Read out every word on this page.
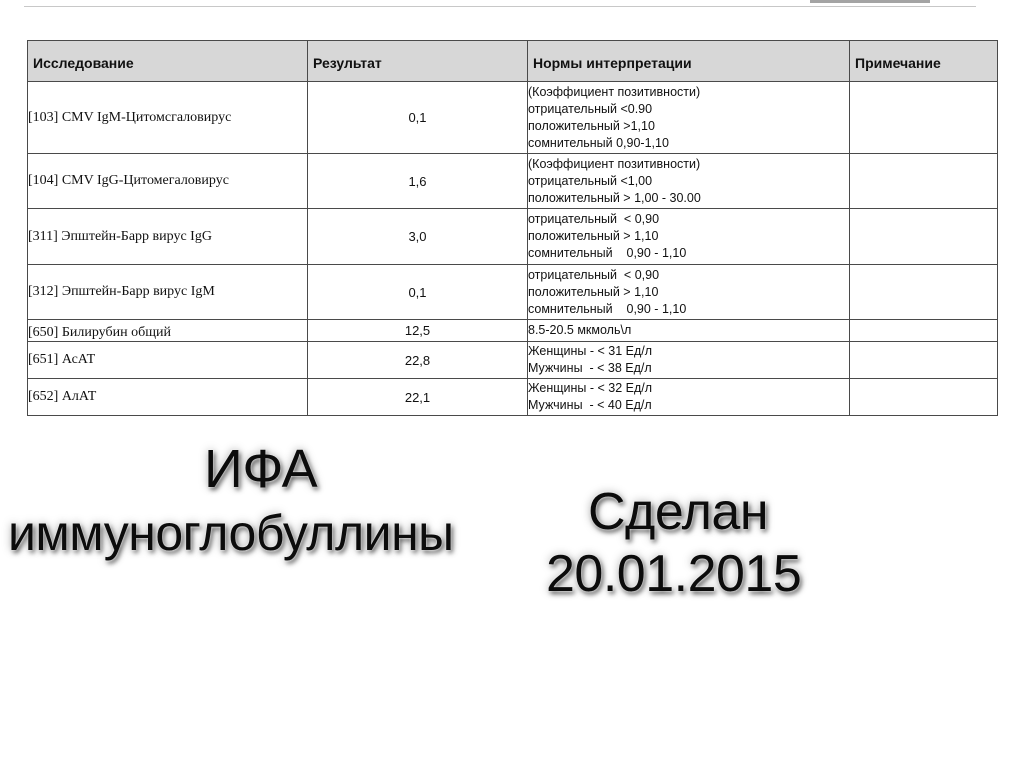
Исследование	Результат	Нормы интерпретации	Примечание
[103] CMV IgM-Цитомсгаловирус	0,1	(Коэффициент позитивности)
отрицательный <0.90
положительный >1,10
сомнительный 0,90-1,10	
[104] CMV IgG-Цитомегаловирус	1,6	(Коэффициент позитивности)
отрицательный <1,00
положительный > 1,00 - 30.00	
[311] Эпштейн-Барр вирус IgG	3,0	отрицательный  < 0,90
положительный > 1,10
сомнительный    0,90 - 1,10	
[312] Эпштейн-Барр вирус IgM	0,1	отрицательный  < 0,90
положительный > 1,10
сомнительный    0,90 - 1,10	
[650] Билирубин общий	12,5	8.5-20.5 мкмоль\л	
[651] АсАТ	22,8	Женщины - < 31 Ед/л
Мужчины  - < 38 Ед/л	
[652] АлАТ	22,1	Женщины - < 32 Ед/л
Мужчины  - < 40 Ед/л	
ИФА
иммуноглобуллины	Сделан
20.01.2015
